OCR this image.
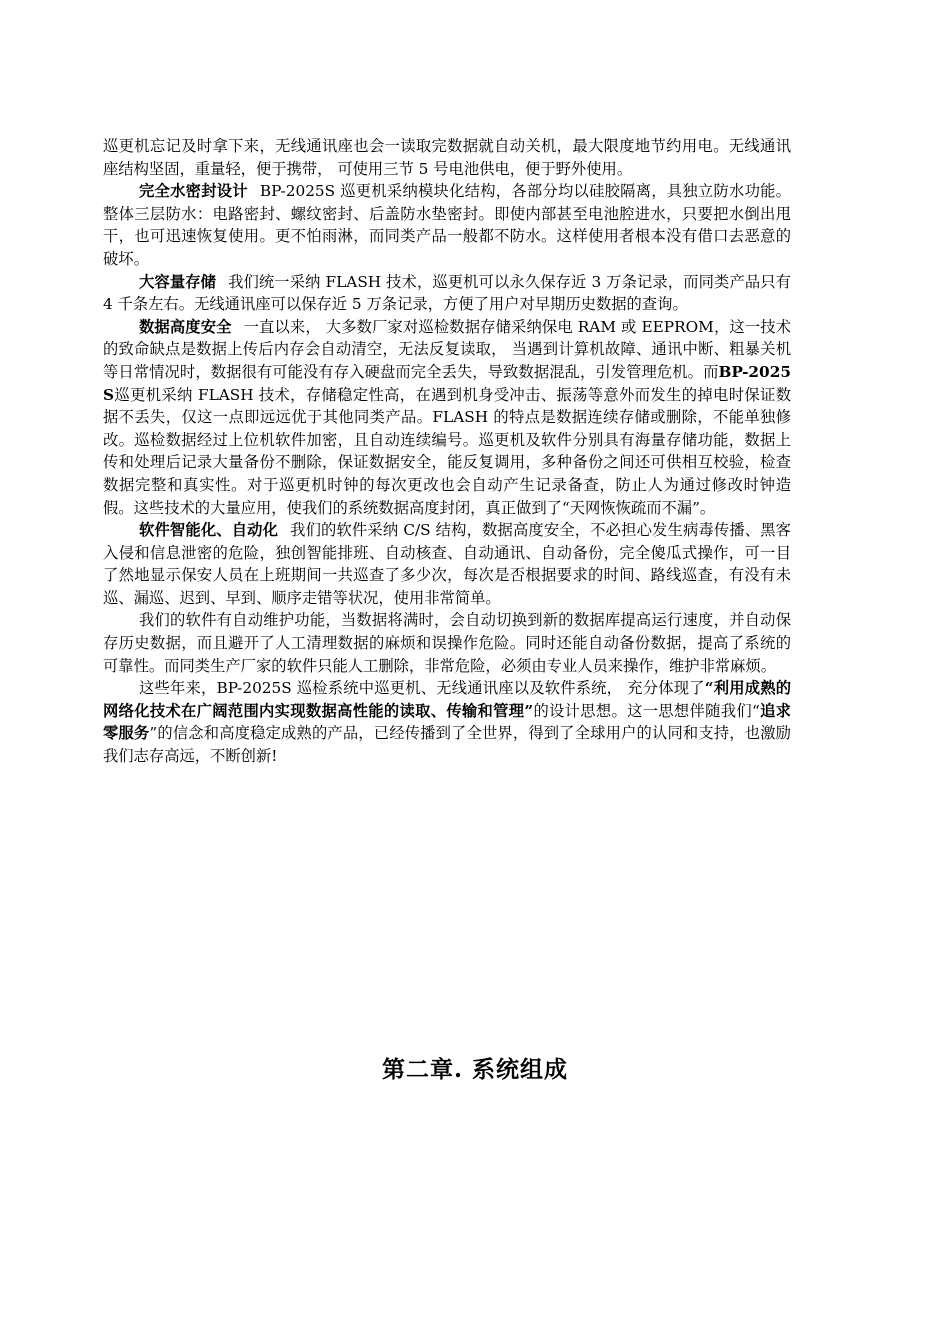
巡更机忘记及时拿下来，无线通讯座也会一读取完数据就自动关机，最大限度地节约用电。无线通讯座结构坚固，重量轻，便于携带， 可使用三节 5 号电池供电，便于野外使用。

完全水密封设计 BP-2025S 巡更机采纳模块化结构，各部分均以硅胶隔离，具独立防水功能。整体三层防水：电路密封、螺纹密封、后盖防水垫密封。即使内部甚至电池腔进水，只要把水倒出甩干，也可迅速恢复使用。更不怕雨淋，而同类产品一般都不防水。这样使用者根本没有借口去恶意的破坏。

大容量存储 我们统一采纳 FLASH 技术，巡更机可以永久保存近 3 万条记录，而同类产品只有 4 千条左右。无线通讯座可以保存近 5 万条记录，方便了用户对早期历史数据的查询。

数据高度安全 一直以来， 大多数厂家对巡检数据存储采纳保电 RAM 或 EEPROM，这一技术的致命缺点是数据上传后内存会自动清空，无法反复读取， 当遇到计算机故障、通讯中断、粗暴关机等日常情况时，数据很有可能没有存入硬盘而完全丢失，导致数据混乱，引发管理危机。而BP-2025S巡更机采纳 FLASH 技术，存储稳定性高，在遇到机身受冲击、振荡等意外而发生的掉电时保证数据不丢失，仅这一点即远远优于其他同类产品。FLASH 的特点是数据连续存储或删除，不能单独修改。巡检数据经过上位机软件加密，且自动连续编号。巡更机及软件分别具有海量存储功能，数据上传和处理后记录大量备份不删除，保证数据安全，能反复调用，多种备份之间还可供相互校验，检查数据完整和真实性。对于巡更机时钟的每次更改也会自动产生记录备查，防止人为通过修改时钟造假。这些技术的大量应用，使我们的系统数据高度封闭，真正做到了“天网恢恢疏而不漏”。

软件智能化、自动化 我们的软件采纳 C/S 结构，数据高度安全，不必担心发生病毒传播、黑客入侵和信息泄密的危险，独创智能排班、自动核查、自动通讯、自动备份，完全傻瓜式操作，可一目了然地显示保安人员在上班期间一共巡查了多少次，每次是否根据要求的时间、路线巡查，有没有未巡、漏巡、迟到、早到、顺序走错等状况，使用非常简单。

我们的软件有自动维护功能，当数据将满时，会自动切换到新的数据库提高运行速度，并自动保存历史数据，而且避开了人工清理数据的麻烦和误操作危险。同时还能自动备份数据，提高了系统的可靠性。而同类生产厂家的软件只能人工删除，非常危险，必须由专业人员来操作，维护非常麻烦。

这些年来，BP-2025S 巡检系统中巡更机、无线通讯座以及软件系统， 充分体现了“利用成熟的网络化技术在广阔范围内实现数据高性能的读取、传输和管理”的设计思想。这一思想伴随我们“追求零服务”的信念和高度稳定成熟的产品，已经传播到了全世界，得到了全球用户的认同和支持，也激励我们志存高远，不断创新!

第二章. 系统组成
